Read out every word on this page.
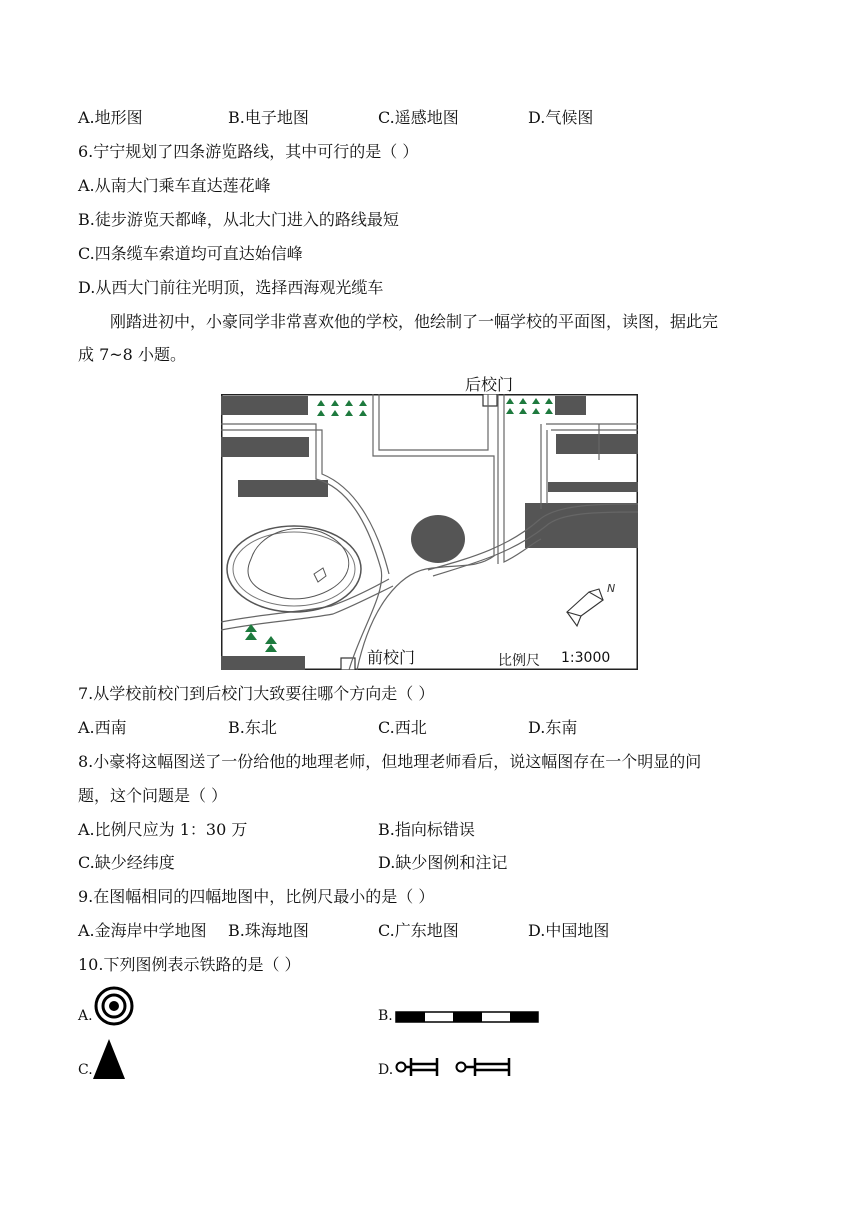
A.地形图	B.电子地图	C.遥感地图	D.气候图
6.宁宁规划了四条游览路线，其中可行的是（ ）
A.从南大门乘车直达莲花峰
B.徒步游览天都峰，从北大门进入的路线最短
C.四条缆车索道均可直达始信峰
D.从西大门前往光明顶，选择西海观光缆车
刚踏进初中，小豪同学非常喜欢他的学校，他绘制了一幅学校的平面图，读图，据此完
成 7~8 小题。
后校门
N
前校门	比例尺 1:3000
7.从学校前校门到后校门大致要往哪个方向走（ ）
A.西南	B.东北	C.西北	D.东南
8.小豪将这幅图送了一份给他的地理老师，但地理老师看后，说这幅图存在一个明显的问
题，这个问题是（ ）
A.比例尺应为 1：30 万	B.指向标错误
C.缺少经纬度	D.缺少图例和注记
9.在图幅相同的四幅地图中，比例尺最小的是（ ）
A.金海岸中学地图 B.珠海地图	C.广东地图	D.中国地图
10.下列图例表示铁路的是（ ）
A.	B.
C.	D.
